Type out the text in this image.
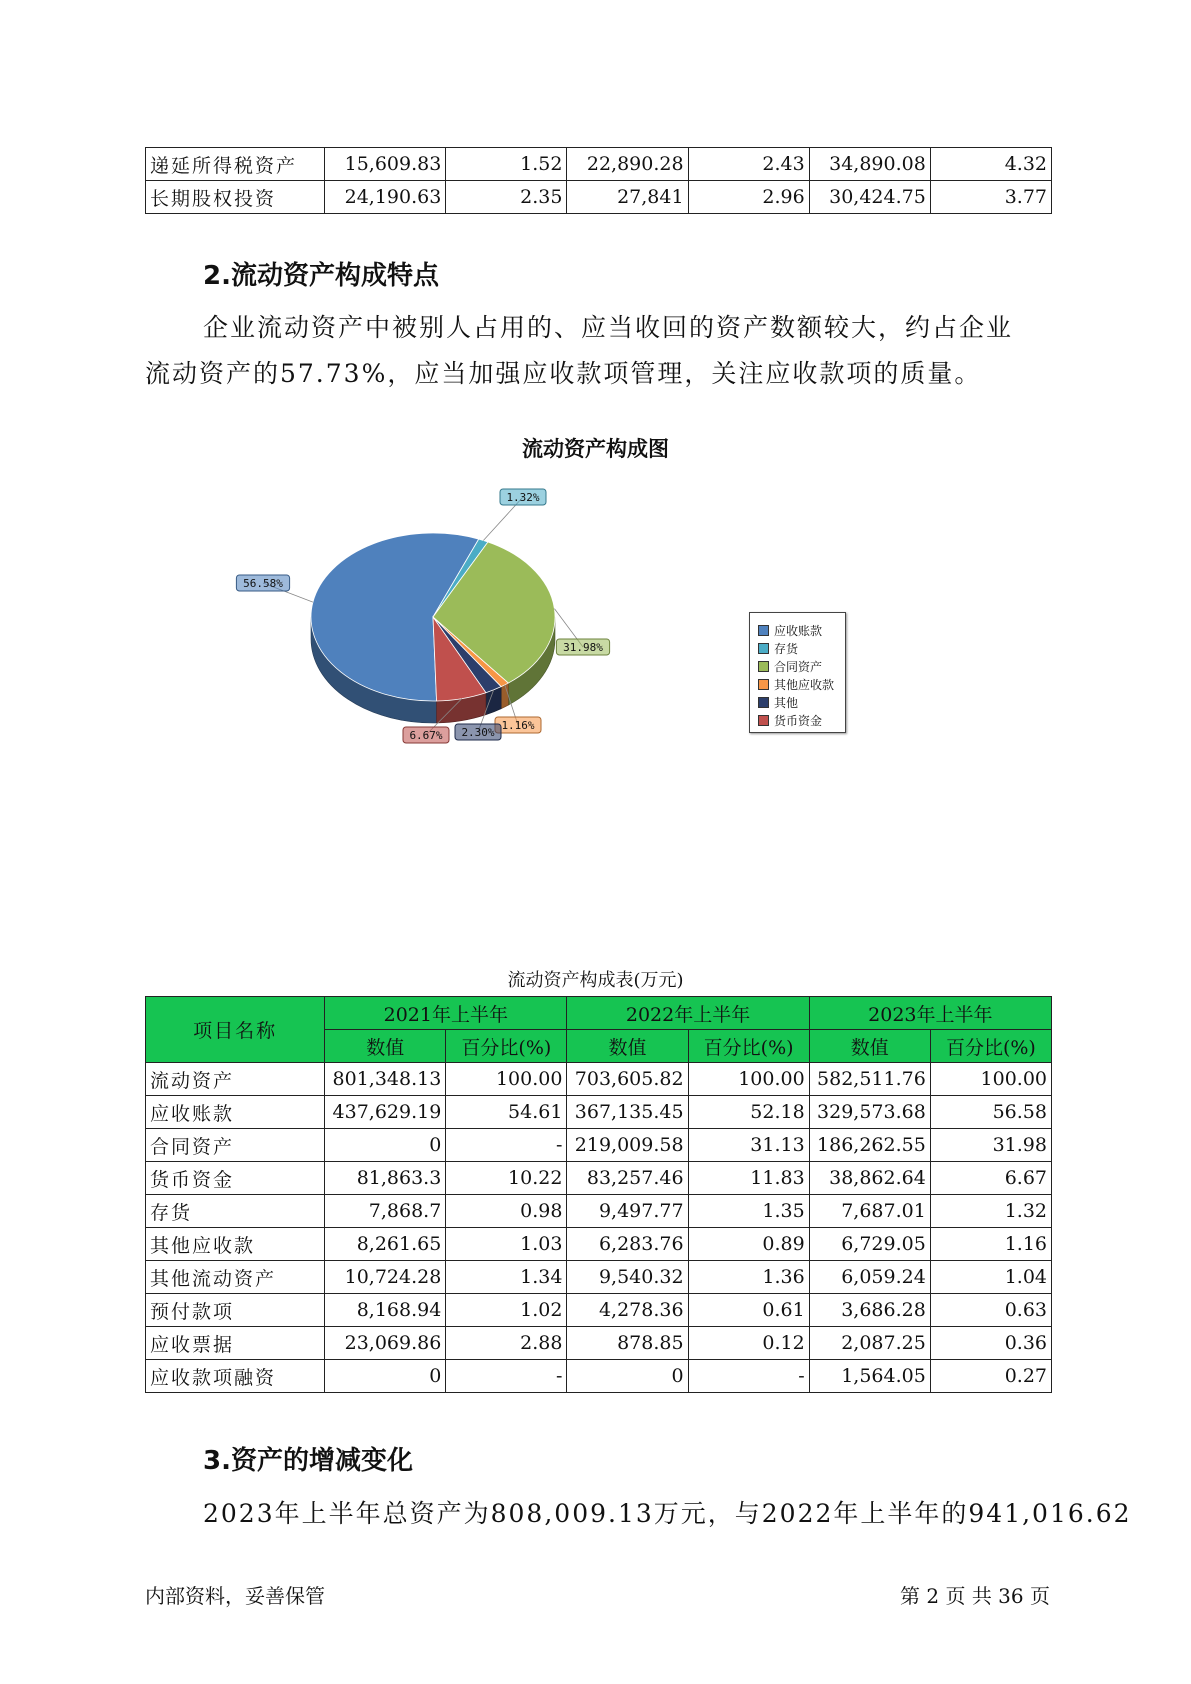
递延所得税资产	15,609.83	1.52	22,890.28	2.43	34,890.08	4.32
长期股权投资	24,190.63	2.35	27,841	2.96	30,424.75	3.77
2.流动资产构成特点
企业流动资产中被别人占用的、应当收回的资产数额较大，约占企业
流动资产的57.73%，应当加强应收款项管理，关注应收款项的质量。
流动资产构成图
56.58%
1.32%
31.98%
1.16%
2.30%
6.67%
应收账款
存货
合同资产
其他应收款
其他
货币资金
流动资产构成表(万元)
项目名称	2021年上半年		2022年上半年		2023年上半年	
	数值	百分比(%)	数值	百分比(%)	数值	百分比(%)
流动资产	801,348.13	100.00	703,605.82	100.00	582,511.76	100.00
应收账款	437,629.19	54.61	367,135.45	52.18	329,573.68	56.58
合同资产	0	-	219,009.58	31.13	186,262.55	31.98
货币资金	81,863.3	10.22	83,257.46	11.83	38,862.64	6.67
存货	7,868.7	0.98	9,497.77	1.35	7,687.01	1.32
其他应收款	8,261.65	1.03	6,283.76	0.89	6,729.05	1.16
其他流动资产	10,724.28	1.34	9,540.32	1.36	6,059.24	1.04
预付款项	8,168.94	1.02	4,278.36	0.61	3,686.28	0.63
应收票据	23,069.86	2.88	878.85	0.12	2,087.25	0.36
应收款项融资	0	-	0	-	1,564.05	0.27
3.资产的增减变化
2023年上半年总资产为808,009.13万元，与2022年上半年的941,016.62
内部资料，妥善保管	第 2 页 共 36 页
